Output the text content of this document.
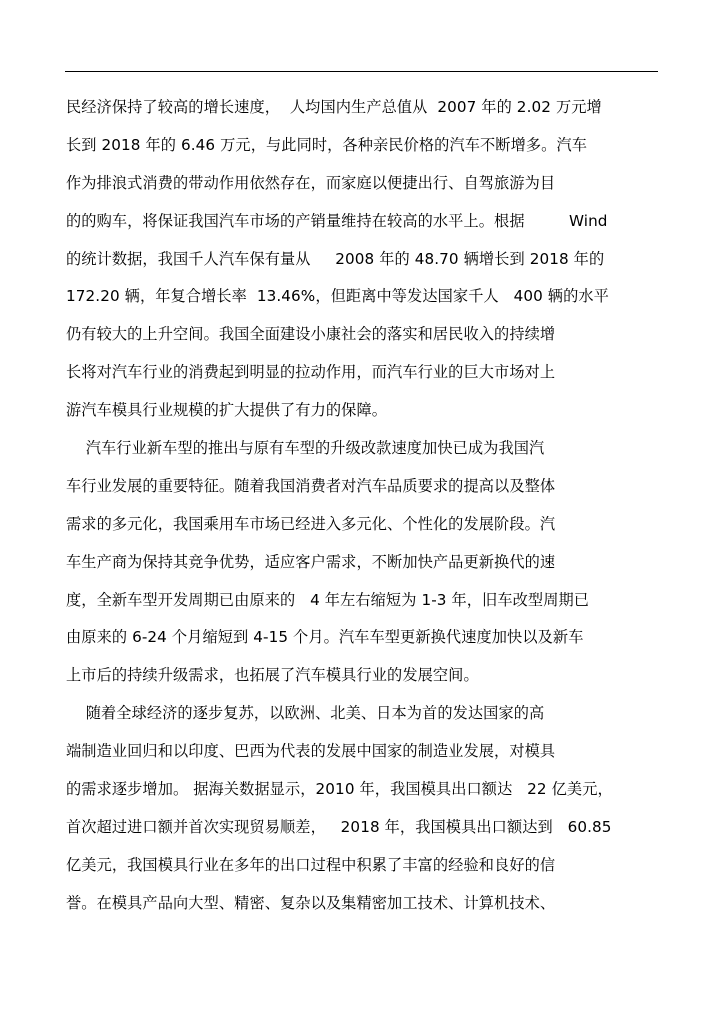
民经济保持了较高的增长速度，  人均国内生产总值从  2007 年的 2.02 万元增
长到 2018 年的 6.46 万元，与此同时，各种亲民价格的汽车不断增多。汽车
作为排浪式消费的带动作用依然存在，而家庭以便捷出行、自驾旅游为目
的的购车，将保证我国汽车市场的产销量维持在较高的水平上。根据         Wind
的统计数据，我国千人汽车保有量从     2008 年的 48.70 辆增长到 2018 年的
172.20 辆，年复合增长率  13.46%，但距离中等发达国家千人   400 辆的水平
仍有较大的上升空间。我国全面建设小康社会的落实和居民收入的持续增
长将对汽车行业的消费起到明显的拉动作用，而汽车行业的巨大市场对上
游汽车模具行业规模的扩大提供了有力的保障。
汽车行业新车型的推出与原有车型的升级改款速度加快已成为我国汽
车行业发展的重要特征。随着我国消费者对汽车品质要求的提高以及整体
需求的多元化，我国乘用车市场已经进入多元化、个性化的发展阶段。汽
车生产商为保持其竞争优势，适应客户需求，不断加快产品更新换代的速
度，全新车型开发周期已由原来的   4 年左右缩短为 1-3 年，旧车改型周期已
由原来的 6-24 个月缩短到 4-15 个月。汽车车型更新换代速度加快以及新车
上市后的持续升级需求，也拓展了汽车模具行业的发展空间。
随着全球经济的逐步复苏，以欧洲、北美、日本为首的发达国家的高
端制造业回归和以印度、巴西为代表的发展中国家的制造业发展，对模具
的需求逐步增加。 据海关数据显示，2010 年，我国模具出口额达   22 亿美元，
首次超过进口额并首次实现贸易顺差，   2018 年，我国模具出口额达到   60.85
亿美元，我国模具行业在多年的出口过程中积累了丰富的经验和良好的信
誉。在模具产品向大型、精密、复杂以及集精密加工技术、计算机技术、
